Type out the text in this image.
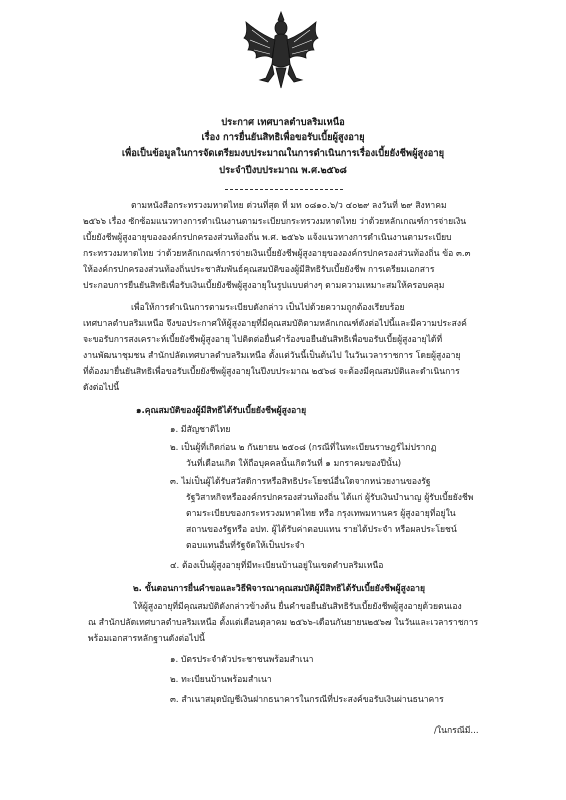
ประกาศ เทศบาลตำบลริมเหนือ
เรื่อง การยื่นยันสิทธิเพื่อขอรับเบี้ยผู้สูงอายุ
เพื่อเป็นข้อมูลในการจัดเตรียมงบประมาณในการดำเนินการเรื่องเบี้ยยังชีพผู้สูงอายุ
ประจำปีงบประมาณ พ.ศ.๒๕๖๘
ตามหนังสือกระทรวงมหาดไทย ด่วนที่สุด ที่ มท ๐๘๑๐.๖/ว ๔๐๒๙ ลงวันที่ ๒๙ สิงหาคม
๒๕๖๖ เรื่อง ซักซ้อมแนวทางการดำเนินงานตามระเบียบกระทรวงมหาดไทย ว่าด้วยหลักเกณฑ์การจ่ายเงิน
เบี้ยยังชีพผู้สูงอายุขององค์กรปกครองส่วนท้องถิ่น พ.ศ. ๒๕๖๖ แจ้งแนวทางการดำเนินงานตามระเบียบ
กระทรวงมหาดไทย ว่าด้วยหลักเกณฑ์การจ่ายเงินเบี้ยยังชีพผู้สูงอายุขององค์กรปกครองส่วนท้องถิ่น ข้อ ๓.๓
ให้องค์กรปกครองส่วนท้องถิ่นประชาสัมพันธ์คุณสมบัติของผู้มีสิทธิรับเบี้ยยังชีพ การเตรียมเอกสาร
ประกอบการยืนยันสิทธิเพื่อรับเงินเบี้ยยังชีพผู้สูงอายุในรูปแบบต่างๆ ตามความเหมาะสมให้ครอบคลุม
เพื่อให้การดำเนินการตามระเบียบดังกล่าว เป็นไปด้วยความถูกต้องเรียบร้อย
เทศบาลตำบลริมเหนือ จึงขอประกาศให้ผู้สูงอายุที่มีคุณสมบัติตามหลักเกณฑ์ดังต่อไปนี้และมีความประสงค์
จะขอรับการสงเคราะห์เบี้ยยังชีพผู้สูงอายุ ไปติดต่อยื่นคำร้องขอยืนยันสิทธิเพื่อขอรับเบี้ยผู้สูงอายุได้ที่
งานพัฒนาชุมชน สำนักปลัดเทศบาลตำบลริมเหนือ ตั้งแต่วันนี้เป็นต้นไป ในวันเวลาราชการ โดยผู้สูงอายุ
ที่ต้องมายื่นยันสิทธิเพื่อขอรับเบี้ยยังชีพผู้สูงอายุในปีงบประมาณ ๒๕๖๘ จะต้องมีคุณสมบัติและดำเนินการ
ดังต่อไปนี้
๑.คุณสมบัติของผู้มีสิทธิได้รับเบี้ยยังชีพผู้สูงอายุ
๑. มีสัญชาติไทย
๒. เป็นผู้ที่เกิดก่อน ๒ กันยายน ๒๕๐๘ (กรณีที่ในทะเบียนราษฎร์ไม่ปรากฏ
วันที่เดือนเกิด ให้ถือบุคคลนั้นเกิดวันที่ ๑ มกราคมของปีนั้น)
๓. ไม่เป็นผู้ได้รับสวัสดิการหรือสิทธิประโยชน์อื่นใดจากหน่วยงานของรัฐ
รัฐวิสาหกิจหรือองค์กรปกครองส่วนท้องถิ่น ได้แก่ ผู้รับเงินบำนาญ ผู้รับเบี้ยยังชีพ
ตามระเบียบของกระทรวงมหาดไทย หรือ กรุงเทพมหานคร ผู้สูงอายุที่อยู่ใน
สถานของรัฐหรือ อปท. ผู้ได้รับค่าตอบแทน รายได้ประจำ หรือผลประโยชน์
ตอบแทนอื่นที่รัฐจัดให้เป็นประจำ
๔. ต้องเป็นผู้สูงอายุที่มีทะเบียนบ้านอยู่ในเขตตำบลริมเหนือ
๒. ขั้นตอนการยื่นคำขอและวิธีพิจารณาคุณสมบัติผู้มีสิทธิได้รับเบี้ยยังชีพผู้สูงอายุ
ให้ผู้สูงอายุที่มีคุณสมบัติดังกล่าวข้างต้น ยื่นคำขอยืนยันสิทธิรับเบี้ยยังชีพผู้สูงอายุด้วยตนเอง
ณ สำนักปลัดเทศบาลตำบลริมเหนือ ตั้งแต่เดือนตุลาคม ๒๕๖๖-เดือนกันยายน๒๕๖๗ ในวันและเวลาราชการ
พร้อมเอกสารหลักฐานดังต่อไปนี้
๑. บัตรประจำตัวประชาชนพร้อมสำเนา
๒. ทะเบียนบ้านพร้อมสำเนา
๓. สำเนาสมุดบัญชีเงินฝากธนาคารในกรณีที่ประสงค์ขอรับเงินผ่านธนาคาร
/ในกรณีมี...
